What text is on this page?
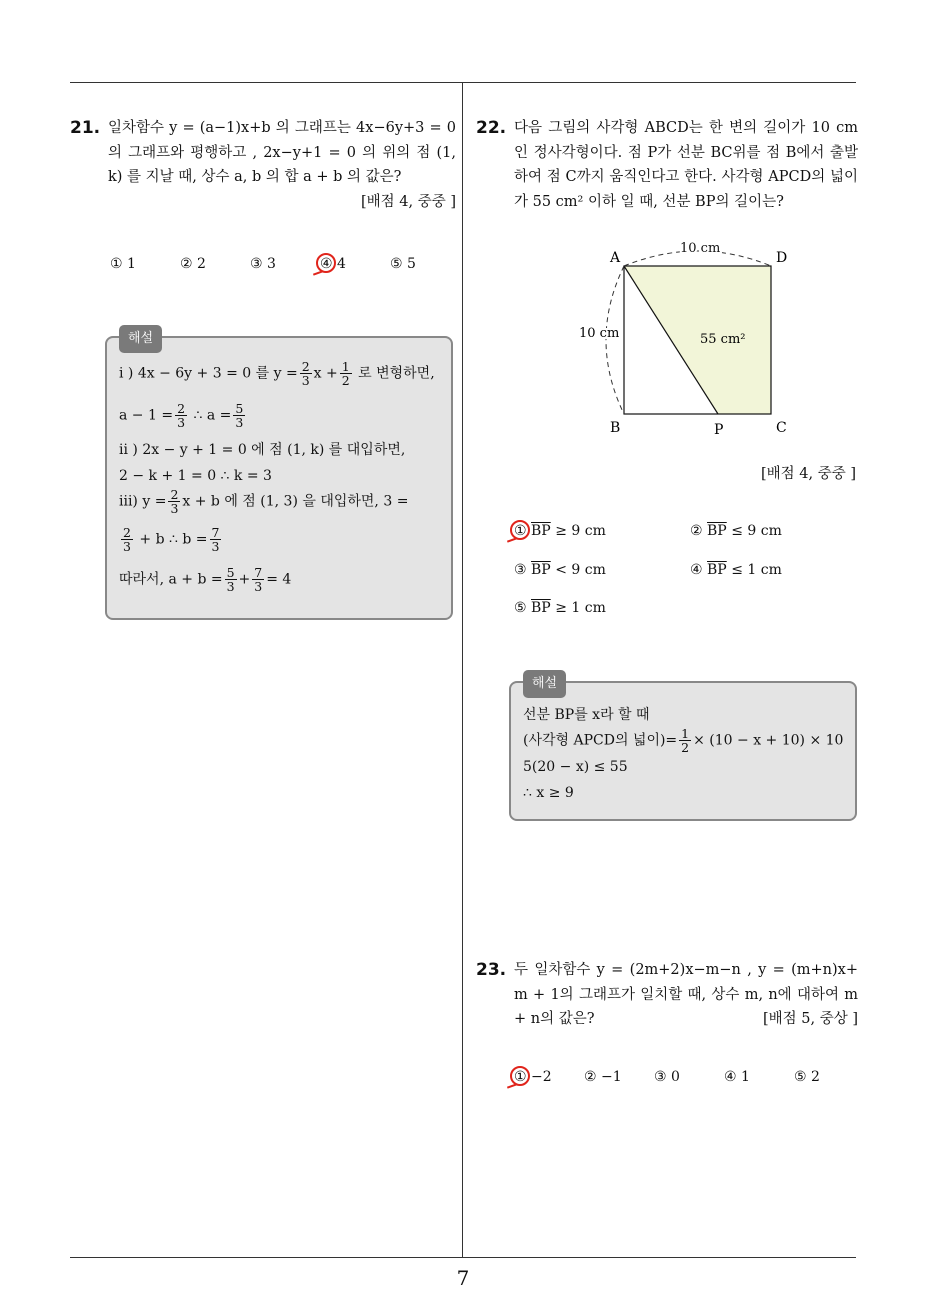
21. 일차함수 y = (a−1)x+b 의 그래프는 4x−6y+3 = 0 의 그래프와 평행하고 , 2x−y+1 = 0 의 위의 점 (1, k) 를 지날 때, 상수 a, b 의 합 a + b 의 값은?
[배점 4, 중중 ]
① 1	② 2	③ 3	④ 4	⑤ 5
해설
i ) 4x − 6y + 3 = 0 를 $y = \frac{2}{3}$ $x + \frac{1}{2}$ 로 변형하면,
$a - 1 = \frac{2}{3}$ ∴ $a = \frac{5}{3}$
ii ) 2x − y + 1 = 0 에 점 (1, k) 를 대입하면,
2 − k + 1 = 0 ∴ k = 3
iii) $y = \frac{2}{3}$ x + b 에 점 (1, 3) 을 대입하면, 3 =
$\frac{2}{3} + b$ ∴ $b = \frac{7}{3}$
따라서, $a + b = \frac{5}{3} + \frac{7}{3} = 4$
22. 다음 그림의 사각형 ABCD는 한 변의 길이가 10 cm 인 정사각형이다. 점 P가 선분 BC위를 점 B에서 출발하여 점 C까지 움직인다고 한다. 사각형 APCD의 넓이가 55 cm² 이하 일 때, 선분 BP의 길이는?
A	D
B	C
P
10 cm
10 cm	55 cm²
[배점 4, 중중 ]
① $\overline{BP} \ge 9$ cm	② $\overline{BP} \le 9$ cm
③ $\overline{BP} < 9$ cm	④ $\overline{BP} \le 1$ cm
⑤ $\overline{BP} \ge 1$ cm
해설
선분 BP를 x라 할 때
(사각형 APCD의 넓이)= $\frac{1}{2} \times (10 - x + 10) \times 10$
5(20 − x) ≤ 55
∴ x ≥ 9
23. 두 일차함수 y = (2m+2)x−m−n , y = (m+n)x+ m + 1의 그래프가 일치할 때, 상수 m, n에 대하여 m + n의 값은?	[배점 5, 중상 ]
① −2 ② −1 ③ 0	④ 1	⑤ 2
7
